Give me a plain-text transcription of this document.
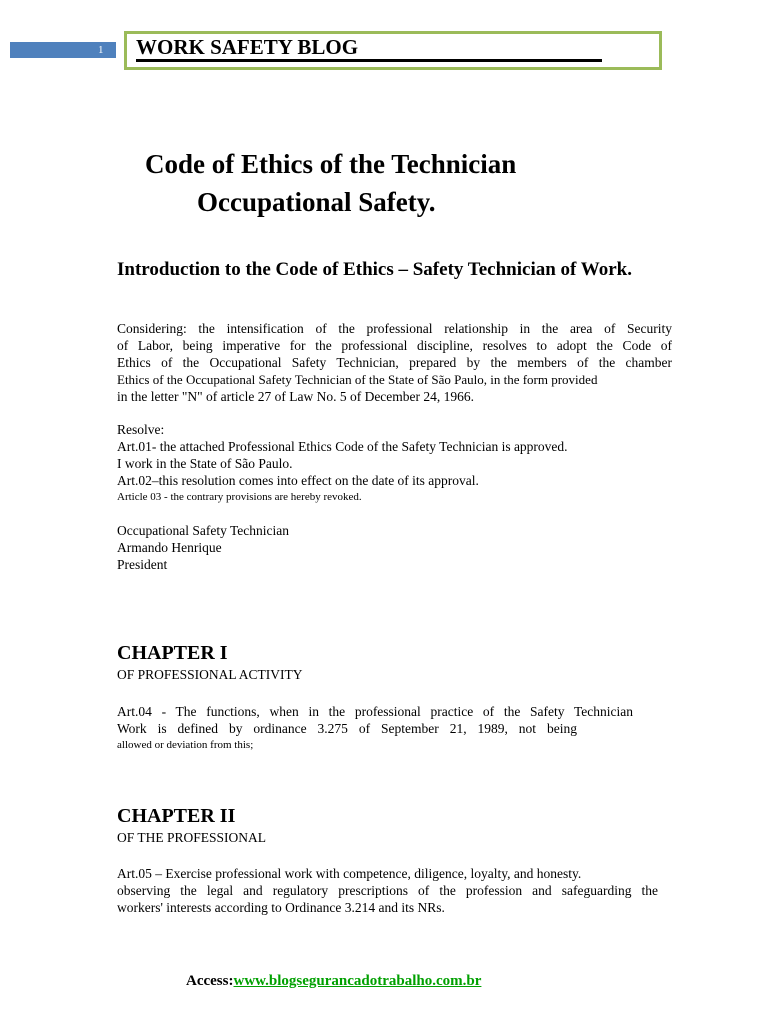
1 WORK SAFETY BLOG
Code of Ethics of the Technician
Occupational Safety.
Introduction to the Code of Ethics – Safety Technician of Work.
Considering: the intensification of the professional relationship in the area of Security
of Labor, being imperative for the professional discipline, resolves to adopt the Code of
Ethics of the Occupational Safety Technician, prepared by the members of the chamber
Ethics of the Occupational Safety Technician of the State of São Paulo, in the form provided
in the letter "N" of article 27 of Law No. 5 of December 24, 1966.
Resolve:
Art.01- the attached Professional Ethics Code of the Safety Technician is approved.
I work in the State of São Paulo.
Art.02–this resolution comes into effect on the date of its approval.
Article 03 - the contrary provisions are hereby revoked.
Occupational Safety Technician
Armando Henrique
President
CHAPTER I
OF PROFESSIONAL ACTIVITY
Art.04 - The functions, when in the professional practice of the Safety Technician
Work is defined by ordinance 3.275 of September 21, 1989, not being
allowed or deviation from this;
CHAPTER II
OF THE PROFESSIONAL
Art.05 – Exercise professional work with competence, diligence, loyalty, and honesty.
observing the legal and regulatory prescriptions of the profession and safeguarding the
workers' interests according to Ordinance 3.214 and its NRs.
Access:www.blogsegurancadotrabalho.com.br
